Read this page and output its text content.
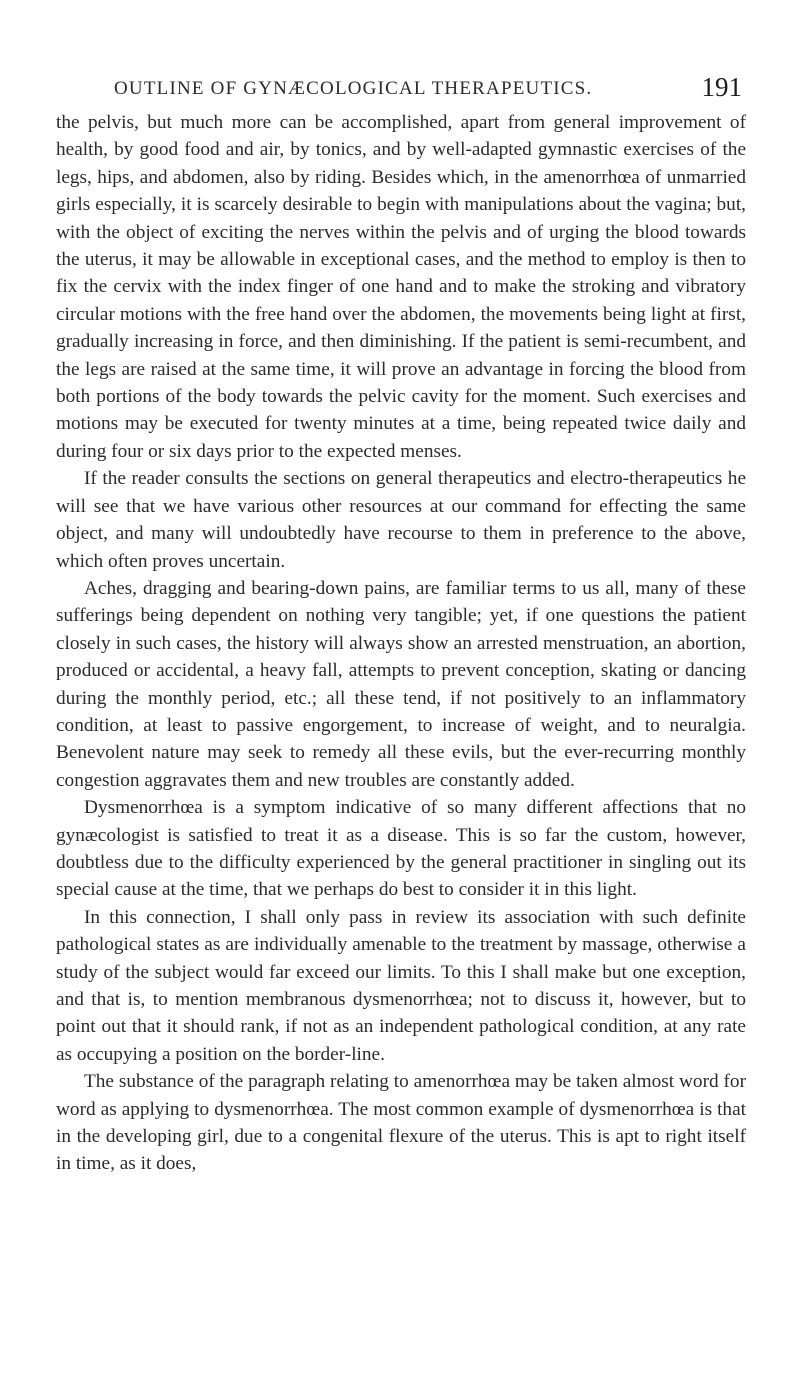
OUTLINE OF GYNÆCOLOGICAL THERAPEUTICS.	191

the pelvis, but much more can be accomplished, apart from general improvement of health, by good food and air, by tonics, and by well-adapted gymnastic exercises of the legs, hips, and abdomen, also by riding. Besides which, in the amenorrhœa of unmarried girls especially, it is scarcely desirable to begin with manipulations about the vagina; but, with the object of exciting the nerves within the pelvis and of urging the blood towards the uterus, it may be allowable in exceptional cases, and the method to employ is then to fix the cervix with the index finger of one hand and to make the stroking and vibratory circular motions with the free hand over the abdomen, the movements being light at first, gradually increasing in force, and then diminishing. If the patient is semi-recumbent, and the legs are raised at the same time, it will prove an advantage in forcing the blood from both portions of the body towards the pelvic cavity for the moment. Such exercises and motions may be executed for twenty minutes at a time, being repeated twice daily and during four or six days prior to the expected menses.

If the reader consults the sections on general therapeutics and electro-therapeutics he will see that we have various other resources at our command for effecting the same object, and many will undoubtedly have recourse to them in preference to the above, which often proves uncertain.

Aches, dragging and bearing-down pains, are familiar terms to us all, many of these sufferings being dependent on nothing very tangible; yet, if one questions the patient closely in such cases, the history will always show an arrested menstruation, an abortion, produced or accidental, a heavy fall, attempts to prevent conception, skating or dancing during the monthly period, etc.; all these tend, if not positively to an inflammatory condition, at least to passive engorgement, to increase of weight, and to neuralgia. Benevolent nature may seek to remedy all these evils, but the ever-recurring monthly congestion aggravates them and new troubles are constantly added.

Dysmenorrhœa is a symptom indicative of so many different affections that no gynæcologist is satisfied to treat it as a disease. This is so far the custom, however, doubtless due to the difficulty experienced by the general practitioner in singling out its special cause at the time, that we perhaps do best to consider it in this light.

In this connection, I shall only pass in review its association with such definite pathological states as are individually amenable to the treatment by massage, otherwise a study of the subject would far exceed our limits. To this I shall make but one exception, and that is, to mention membranous dysmenorrhœa; not to discuss it, however, but to point out that it should rank, if not as an independent pathological condition, at any rate as occupying a position on the border-line.

The substance of the paragraph relating to amenorrhœa may be taken almost word for word as applying to dysmenorrhœa. The most common example of dysmenorrhœa is that in the developing girl, due to a congenital flexure of the uterus. This is apt to right itself in time, as it does,
